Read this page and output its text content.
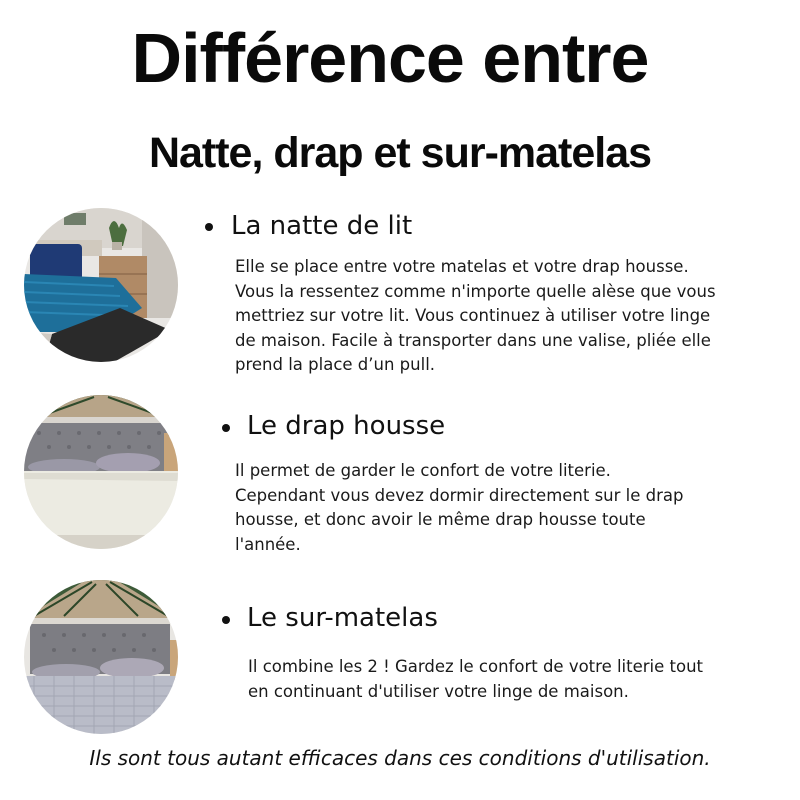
Différence entre
Natte, drap et sur-matelas
La natte de lit
Elle se place entre votre matelas et votre drap housse.
Vous la ressentez comme n'importe quelle alèse que vous
mettriez sur votre lit. Vous continuez à utiliser votre linge
de maison. Facile à transporter dans une valise, pliée elle
prend la place d’un pull.
Le drap housse
Il permet de garder le confort de votre literie.
Cependant vous devez dormir directement sur le drap
housse, et donc avoir le même drap housse toute
l'année.
Le sur-matelas
Il combine les 2 ! Gardez le confort de votre literie tout
en continuant d'utiliser votre linge de maison.
Ils sont tous autant efficaces dans ces conditions d'utilisation.
